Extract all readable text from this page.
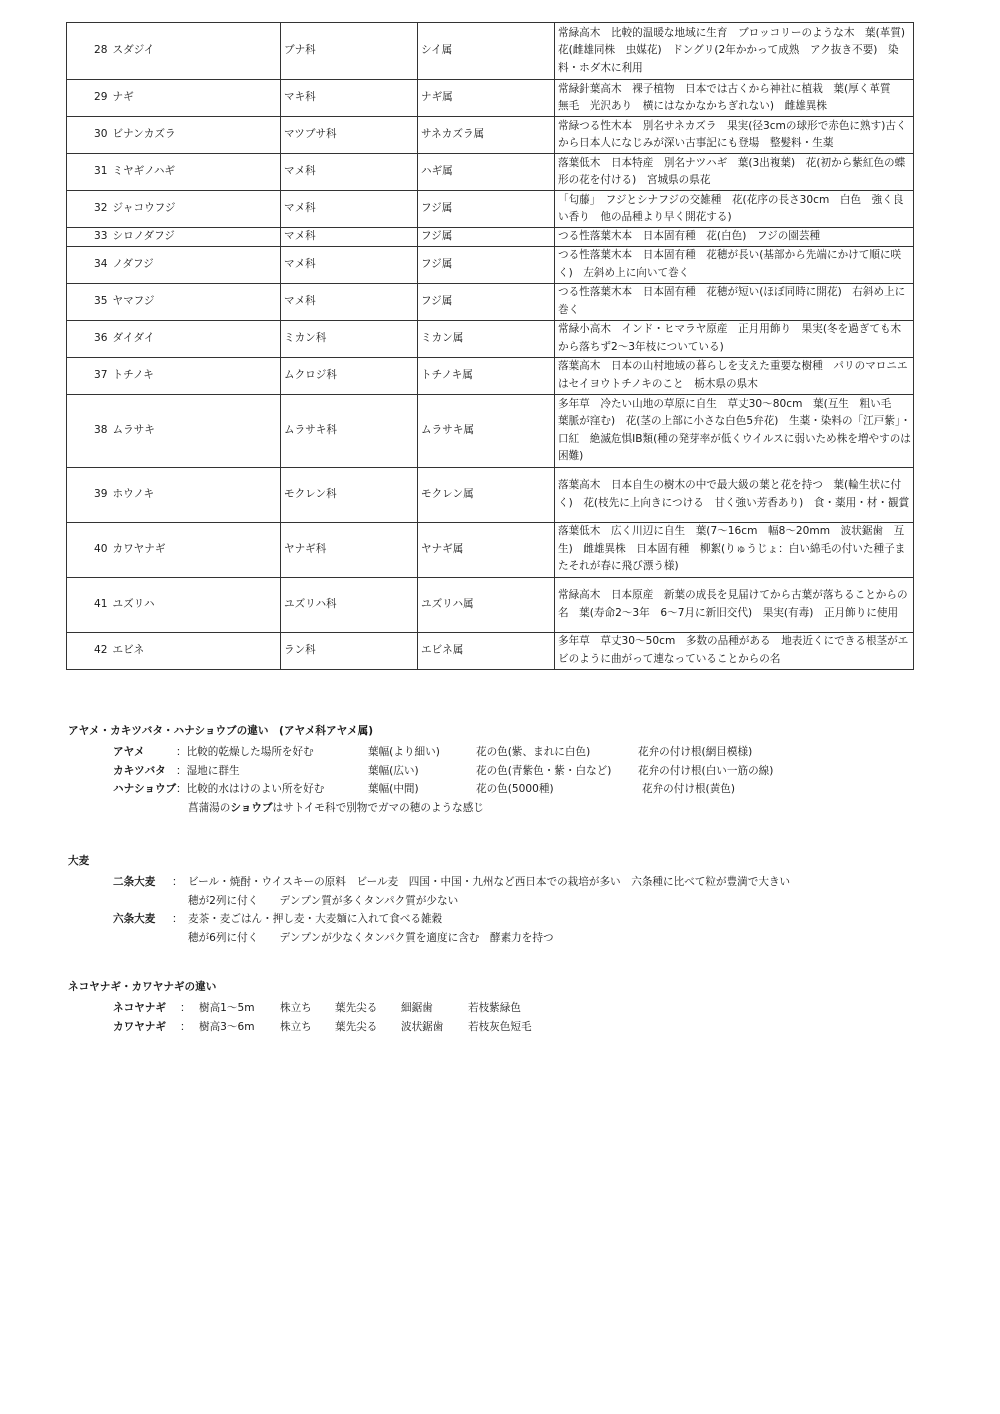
28	スダジイ	ブナ科	シイ属	常緑高木　比較的温暖な地域に生育　ブロッコリーのような木　葉(革質)　花(雌雄同株　虫媒花)　ドングリ(2年かかって成熟　アク抜き不要)　染料・ホダ木に利用
29	ナギ	マキ科	ナギ属	常緑針葉高木　裸子植物　日本では古くから神社に植栽　葉(厚く革質　無毛　光沢あり　横にはなかなかちぎれない)　雌雄異株
30	ビナンカズラ	マツブサ科	サネカズラ属	常緑つる性木本　別名サネカズラ　果実(径3cmの球形で赤色に熟す)古くから日本人になじみが深い古事記にも登場　整髪料・生薬
31	ミヤギノハギ	マメ科	ハギ属	落葉低木　日本特産　別名ナツハギ　葉(3出複葉)　花(初から紫紅色の蝶形の花を付ける)　宮城県の県花
32	ジャコウフジ	マメ科	フジ属	「匂藤」　フジとシナフジの交雑種　花(花序の長さ30cm　白色　強く良い香り　他の品種より早く開花する)
33	シロノダフジ	マメ科	フジ属	つる性落葉木本　日本固有種　花(白色)　フジの園芸種
34	ノダフジ	マメ科	フジ属	つる性落葉木本　日本固有種　花穂が長い(基部から先端にかけて順に咲く)　左斜め上に向いて巻く
35	ヤマフジ	マメ科	フジ属	つる性落葉木本　日本固有種　花穂が短い(ほぼ同時に開花)　右斜め上に巻く
36	ダイダイ	ミカン科	ミカン属	常緑小高木　インド・ヒマラヤ原産　正月用飾り　果実(冬を過ぎても木から落ちず2〜3年枝についている)
37	トチノキ	ムクロジ科	トチノキ属	落葉高木　日本の山村地域の暮らしを支えた重要な樹種　パリのマロニエはセイヨウトチノキのこと　栃木県の県木
38	ムラサキ	ムラサキ科	ムラサキ属	多年草　冷たい山地の草原に自生　草丈30〜80cm　葉(互生　粗い毛　葉脈が窪む)　花(茎の上部に小さな白色5弁花)　生薬・染料の「江戸紫」・口紅　絶滅危惧IB類(種の発芽率が低くウイルスに弱いため株を増やすのは困難)
39	ホウノキ	モクレン科	モクレン属	落葉高木　日本自生の樹木の中で最大級の葉と花を持つ　葉(輪生状に付く)　花(枝先に上向きにつける　甘く強い芳香あり)　食・薬用・材・観賞
40	カワヤナギ	ヤナギ科	ヤナギ属	落葉低木　広く川辺に自生　葉(7〜16cm　幅8〜20mm　波状鋸歯　互生)　雌雄異株　日本固有種　柳絮(りゅうじょ：白い綿毛の付いた種子またそれが春に飛び漂う様)
41	ユズリハ	ユズリハ科	ユズリハ属	常緑高木　日本原産　新葉の成長を見届けてから古葉が落ちることからの名　葉(寿命2〜3年　6〜7月に新旧交代)　果実(有毒)　正月飾りに使用
42	エビネ	ラン科	エビネ属	多年草　草丈30〜50cm　多数の品種がある　地表近くにできる根茎がエビのように曲がって連なっていることからの名
アヤメ・カキツバタ・ハナショウブの違い　(アヤメ科アヤメ属)
アヤメ	：比較的乾燥した場所を好む	葉幅(より細い)	花の色(紫、まれに白色)	花弁の付け根(網目模様)
カキツバタ ：湿地に群生	葉幅(広い)	花の色(青紫色・紫・白など)	花弁の付け根(白い一筋の線)
ハナショウブ ：比較的水はけのよい所を好む	葉幅(中間)	花の色(5000種)	花弁の付け根(黄色)
菖蒲湯のショウブはサトイモ科で別物でガマの穂のような感じ
大麦
二条大麦 ： ビール・焼酎・ウイスキーの原料　ビール麦　四国・中国・九州など西日本での栽培が多い　六条種に比べて粒が豊満で大きい
穂が2列に付く　　デンプン質が多くタンパク質が少ない
六条大麦 ： 麦茶・麦ごはん・押し麦・大麦麺に入れて食べる雑穀
穂が6列に付く　　デンプンが少なくタンパク質を適度に含む　酵素力を持つ
ネコヤナギ・カワヤナギの違い
ネコヤナギ ： 樹高1〜5m 株立ち 葉先尖る 細鋸歯	若枝紫緑色
カワヤナギ ： 樹高3〜6m 株立ち 葉先尖る 波状鋸歯 若枝灰色短毛
